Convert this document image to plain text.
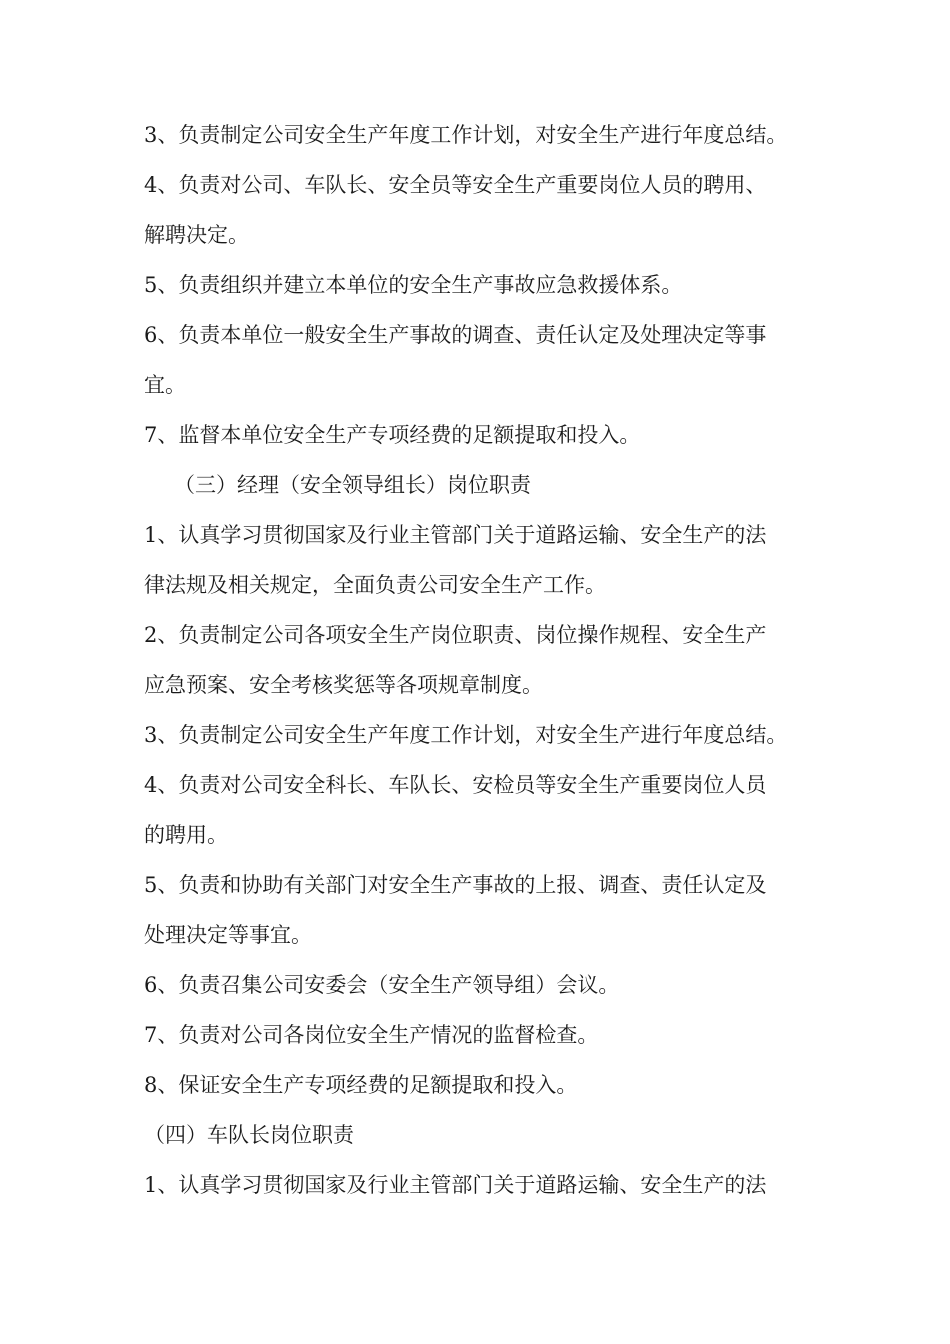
3、负责制定公司安全生产年度工作计划，对安全生产进行年度总结。

4、负责对公司、车队长、安全员等安全生产重要岗位人员的聘用、

解聘决定。

5、负责组织并建立本单位的安全生产事故应急救援体系。

6、负责本单位一般安全生产事故的调查、责任认定及处理决定等事

宜。

7、监督本单位安全生产专项经费的足额提取和投入。

（三）经理（安全领导组长）岗位职责

1、认真学习贯彻国家及行业主管部门关于道路运输、安全生产的法

律法规及相关规定，全面负责公司安全生产工作。

2、负责制定公司各项安全生产岗位职责、岗位操作规程、安全生产

应急预案、安全考核奖惩等各项规章制度。

3、负责制定公司安全生产年度工作计划，对安全生产进行年度总结。

4、负责对公司安全科长、车队长、安检员等安全生产重要岗位人员

的聘用。

5、负责和协助有关部门对安全生产事故的上报、调查、责任认定及

处理决定等事宜。

6、负责召集公司安委会（安全生产领导组）会议。

7、负责对公司各岗位安全生产情况的监督检查。

8、保证安全生产专项经费的足额提取和投入。

（四）车队长岗位职责

1、认真学习贯彻国家及行业主管部门关于道路运输、安全生产的法
